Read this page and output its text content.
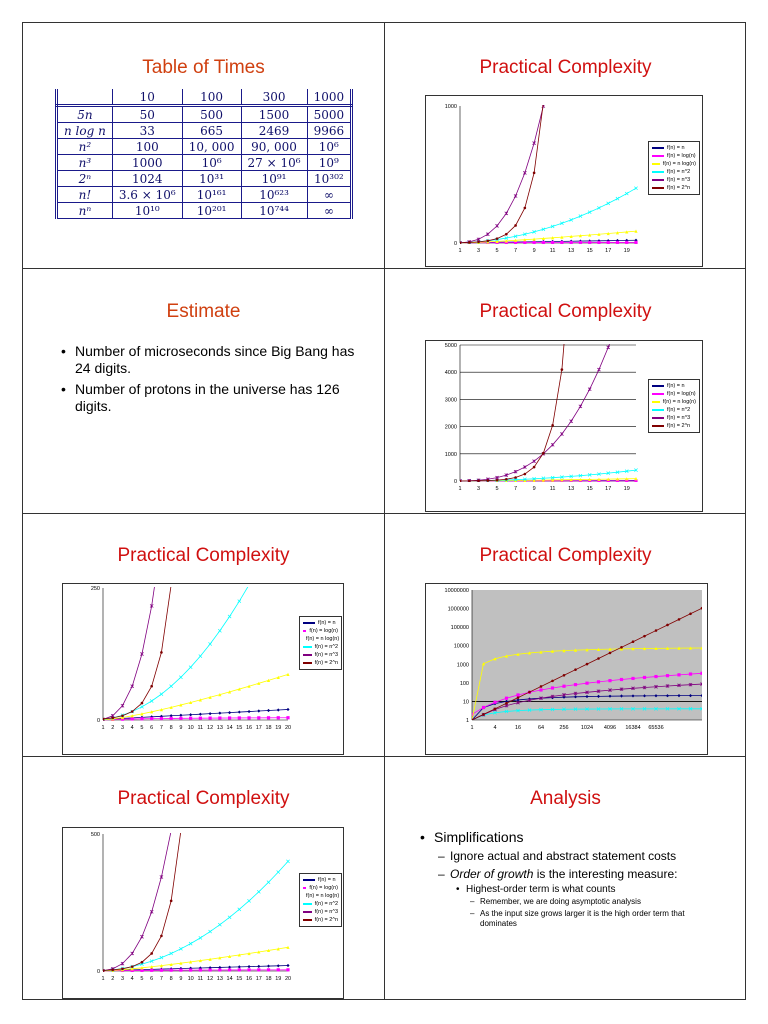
Table of Times
	10	100	300	1000
5n	50	500	1500	5000
n log n	33	665	2469	9966
n²	100	10, 000	90, 000	10⁶
n³	1000	10⁶	27 × 10⁶	10⁹
2ⁿ	1024	10³¹	10⁹¹	10³⁰²
n!	3.6 × 10⁶	10¹⁶¹	10⁶²³	∞
nⁿ	10¹⁰	10²⁰¹	10⁷⁴⁴	∞
Practical Complexity
0
1000
1	3	5	7	9	11 13 15 17 19
f(n) = n
f(n) = log(n)
f(n) = n log(n)
f(n) = n^2
f(n) = n^3
f(n) = 2^n
Estimate
• Number of microseconds since Big Bang has 24 digits.
• Number of protons in the universe has 126 digits.
Practical Complexity
0
1000
2000
3000
4000
5000
1	3	5	7	9	11 13 15 17 19
f(n) = n
f(n) = log(n)
f(n) = n log(n)
f(n) = n^2
f(n) = n^3
f(n) = 2^n
Practical Complexity
0
250
1 2 3 4 5 6 7 8 9 10 11 12 13 14 15 16 17 18 19 20
f(n) = n
f(n) = log(n)
f(n) = n log(n)
f(n) = n^2
f(n) = n^3
f(n) = 2^n
Practical Complexity
1
10
100
1000
10000
100000
1000000
10000000
1	4	16	64	256 1024 4096 16384 65536
Practical Complexity
0
500
1 2 3 4 5 6 7 8 9 10 11 12 13 14 15 16 17 18 19 20
f(n) = n
f(n) = log(n)
f(n) = n log(n)
f(n) = n^2
f(n) = n^3
f(n) = 2^n
Analysis
• Simplifications
– Ignore actual and abstract statement costs
– Order of growth is the interesting measure:
• Highest-order term is what counts
– Remember, we are doing asymptotic analysis
– As the input size grows larger it is the high order term that dominates
